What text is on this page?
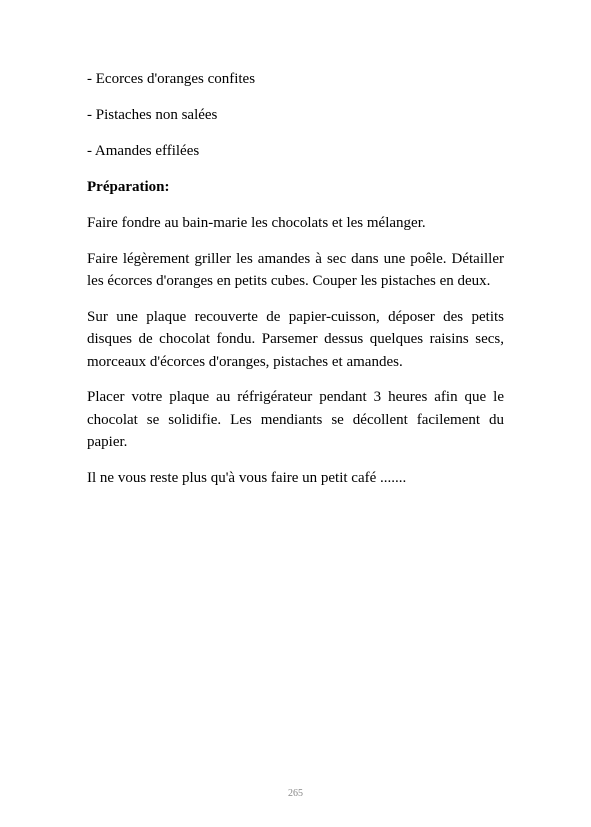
- Ecorces d'oranges confites
- Pistaches non salées
- Amandes effilées
Préparation:

Faire fondre au bain-marie les chocolats et les mélanger.

Faire légèrement griller les amandes à sec dans une poêle. Détailler les écorces d'oranges en petits cubes. Couper les pistaches en deux.

Sur une plaque recouverte de papier-cuisson, déposer des petits disques de chocolat fondu. Parsemer dessus quelques raisins secs, morceaux d'écorces d'oranges, pistaches et amandes.

Placer votre plaque au réfrigérateur pendant 3 heures afin que le chocolat se solidifie. Les mendiants se décollent facilement du papier.

Il ne vous reste plus qu'à vous faire un petit café .......

265
